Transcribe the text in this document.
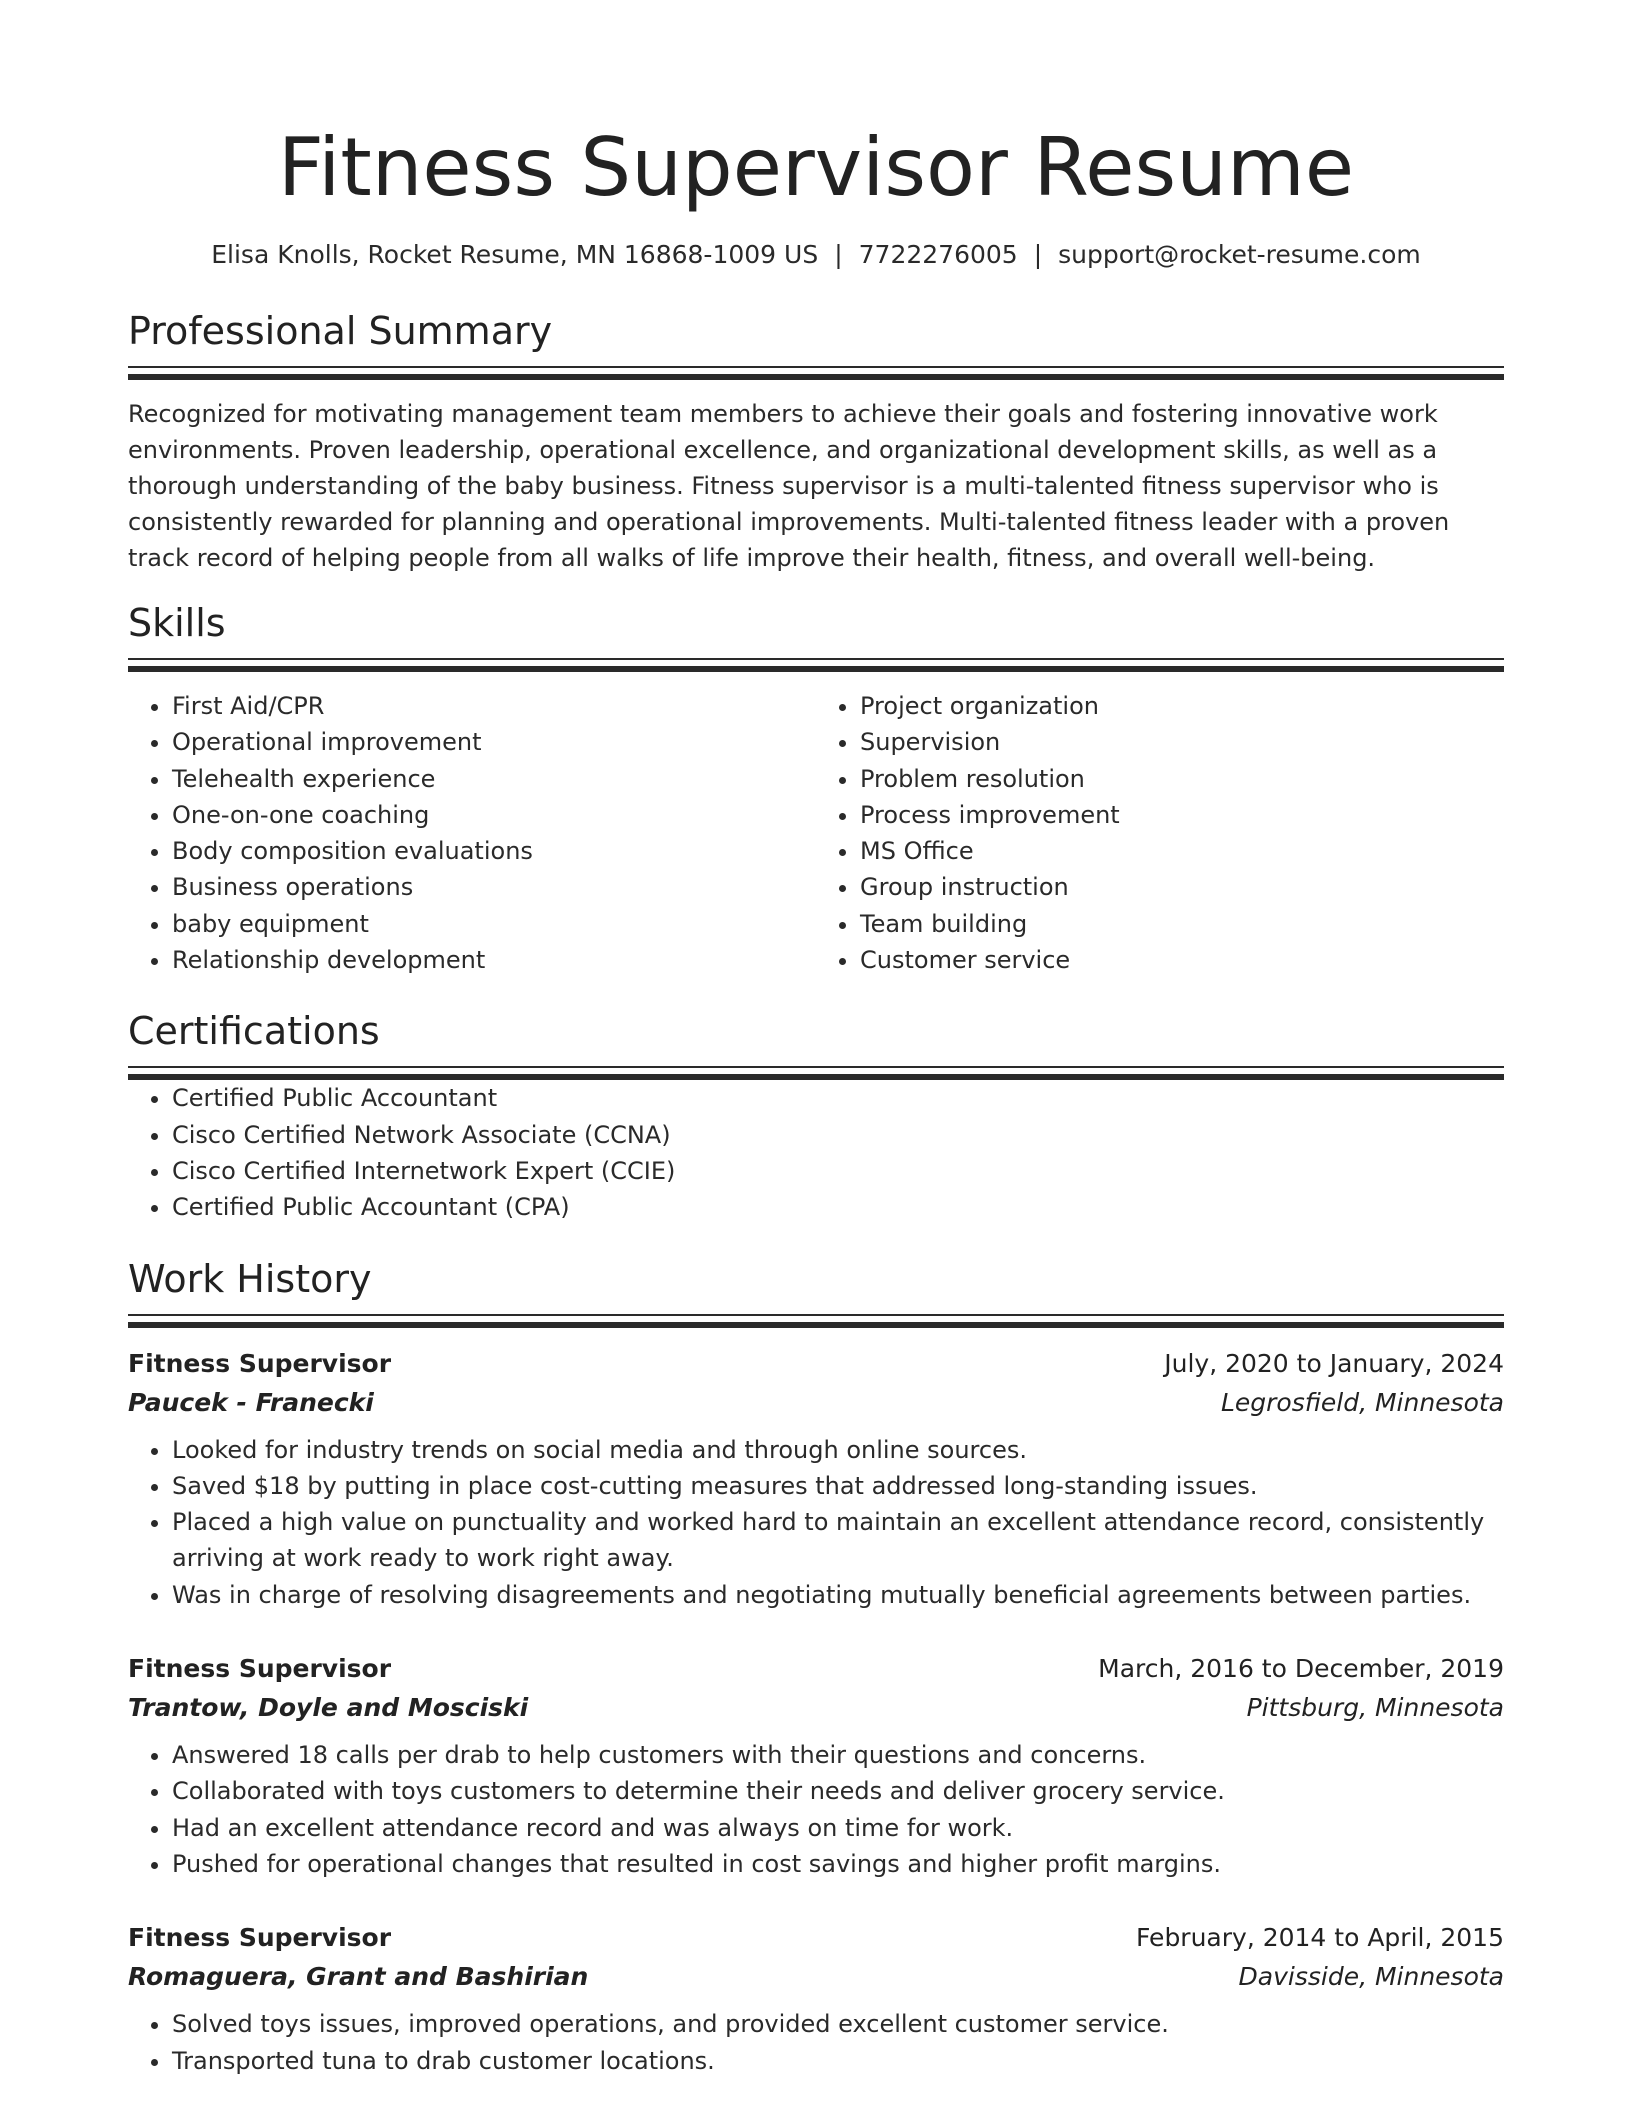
Fitness Supervisor Resume
Elisa Knolls, Rocket Resume, MN 16868-1009 US | 7722276005 | support@rocket-resume.com
Professional Summary

Recognized for motivating management team members to achieve their goals and fostering innovative work environments. Proven leadership, operational excellence, and organizational development skills, as well as a thorough understanding of the baby business. Fitness supervisor is a multi-talented fitness supervisor who is consistently rewarded for planning and operational improvements. Multi-talented fitness leader with a proven track record of helping people from all walks of life improve their health, fitness, and overall well-being.

Skills
• First Aid/CPR
• Operational improvement
• Telehealth experience
• One-on-one coaching
• Body composition evaluations
• Business operations
• baby equipment
• Relationship development
• Project organization
• Supervision
• Problem resolution
• Process improvement
• MS Office
• Group instruction
• Team building
• Customer service
Certifications
• Certified Public Accountant
• Cisco Certified Network Associate (CCNA)
• Cisco Certified Internetwork Expert (CCIE)
• Certified Public Accountant (CPA)
Work History
Fitness Supervisor	July, 2020 to January, 2024
Paucek - Franecki	Legrosfield, Minnesota
• Looked for industry trends on social media and through online sources.
• Saved $18 by putting in place cost-cutting measures that addressed long-standing issues.
• Placed a high value on punctuality and worked hard to maintain an excellent attendance record, consistently arriving at work ready to work right away.
• Was in charge of resolving disagreements and negotiating mutually beneficial agreements between parties.
Fitness Supervisor	March, 2016 to December, 2019
Trantow, Doyle and Mosciski	Pittsburg, Minnesota
• Answered 18 calls per drab to help customers with their questions and concerns.
• Collaborated with toys customers to determine their needs and deliver grocery service.
• Had an excellent attendance record and was always on time for work.
• Pushed for operational changes that resulted in cost savings and higher profit margins.
Fitness Supervisor	February, 2014 to April, 2015
Romaguera, Grant and Bashirian	Davisside, Minnesota
• Solved toys issues, improved operations, and provided excellent customer service.
• Transported tuna to drab customer locations.
